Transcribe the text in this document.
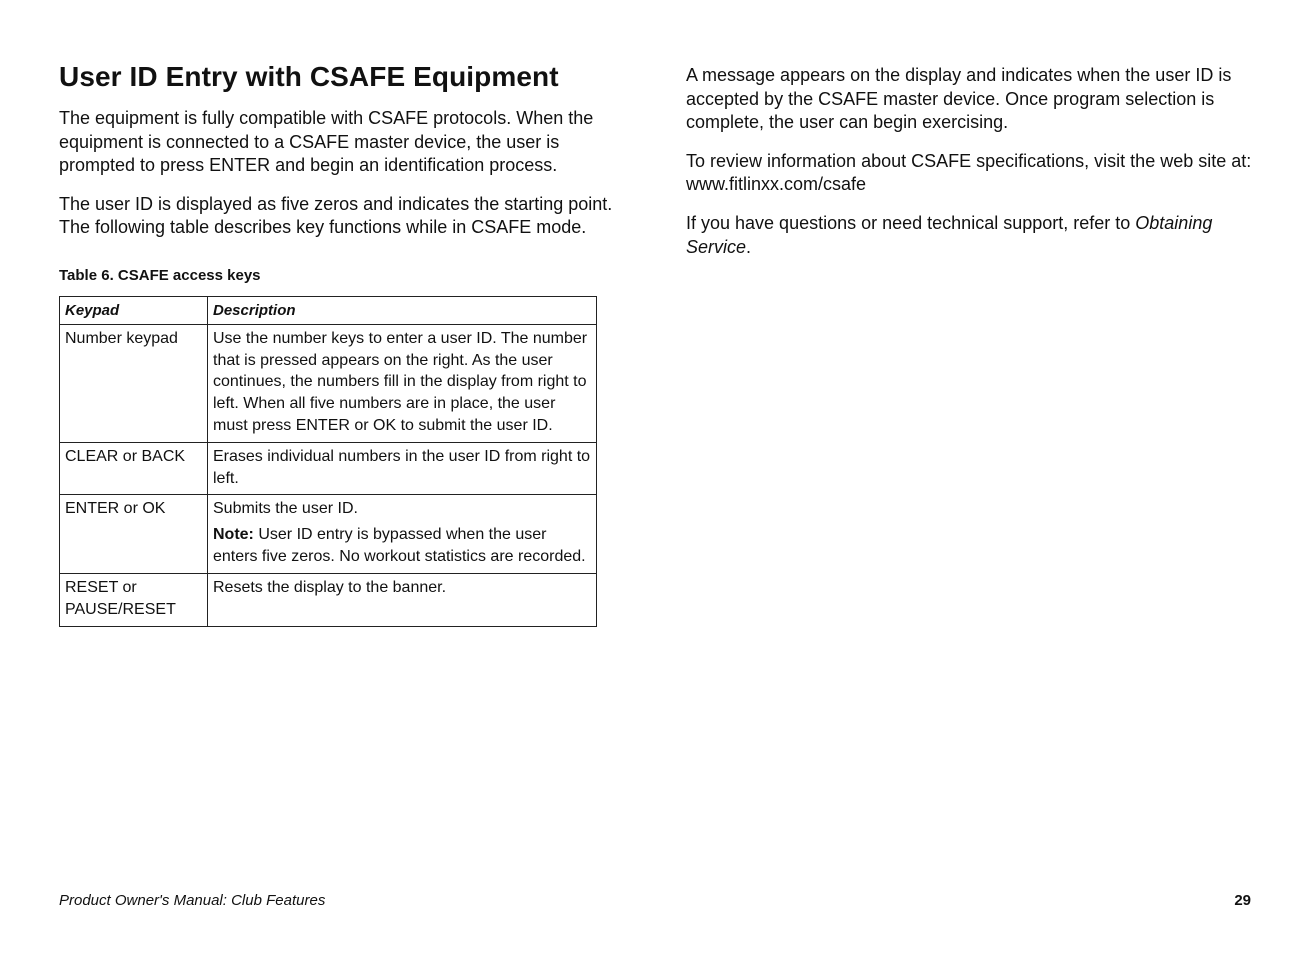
User ID Entry with CSAFE Equipment

The equipment is fully compatible with CSAFE protocols. When the equipment is connected to a CSAFE master device, the user is prompted to press ENTER and begin an identification process.

The user ID is displayed as five zeros and indicates the starting point. The following table describes key functions while in CSAFE mode.

Table 6. CSAFE access keys
Keypad	Description
Number keypad	Use the number keys to enter a user ID. The number that is pressed appears on the right. As the user continues, the numbers fill in the display from right to left. When all five numbers are in place, the user must press ENTER or OK to submit the user ID.
CLEAR or BACK	Erases individual numbers in the user ID from right to left.
ENTER or OK	Submits the user ID.
Note: User ID entry is bypassed when the user enters five zeros. No workout statistics are recorded.

RESET or PAUSE/RESET	Resets the display to the banner.

A message appears on the display and indicates when the user ID is accepted by the CSAFE master device. Once program selection is complete, the user can begin exercising.

To review information about CSAFE specifications, visit the web site at: www.fitlinxx.com/csafe

If you have questions or need technical support, refer to Obtaining Service.

Product Owner's Manual: Club Features	29
